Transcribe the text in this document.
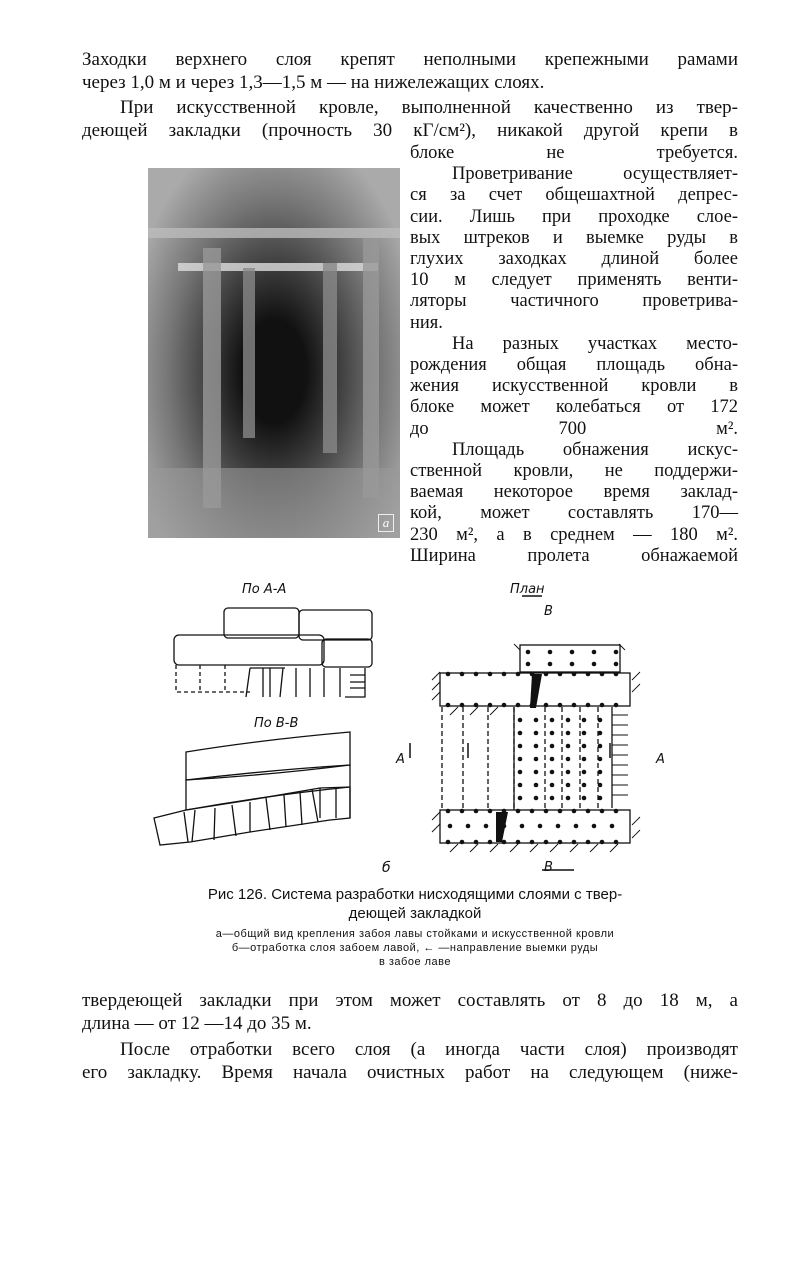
Заходки верхнего слоя крепят неполными крепежными рамами
через 1,0 м и через 1,3—1,5 м — на нижележащих слоях.
При искусственной кровле, выполненной качественно из твер-
деющей закладки (прочность 30 кГ/см²), никакой другой крепи в
блоке не требуется.
Проветривание осуществляет-
ся за счет общешахтной депрес-
сии. Лишь при проходке слое-
вых штреков и выемке руды в
глухих заходках длиной более
10 м следует применять венти-
ляторы частичного проветрива-
ния.
На разных участках место-
рождения общая площадь обна-
жения искусственной кровли в
блоке может колебаться от 172
до 700 м².
Площадь обнажения искус-
ственной кровли, не поддержи-
ваемая некоторое время заклад-
кой, может составлять 170—
230 м², а в среднем — 180 м².
Ширина пролета обнажаемой
а
По А-А
По В-В
План
В
В
А	А
б
Рис 126. Система разработки нисходящими слоями с твер-
деющей закладкой
а—общий вид крепления забоя лавы стойками и искусственной кровли
б—отработка слоя забоем лавой, ← —направление выемки руды
в забое лаве
твердеющей закладки при этом может составлять от 8 до 18 м, а
длина — от 12 —14 до 35 м.
После отработки всего слоя (а иногда части слоя) производят
его закладку. Время начала очистных работ на следующем (ниже-
